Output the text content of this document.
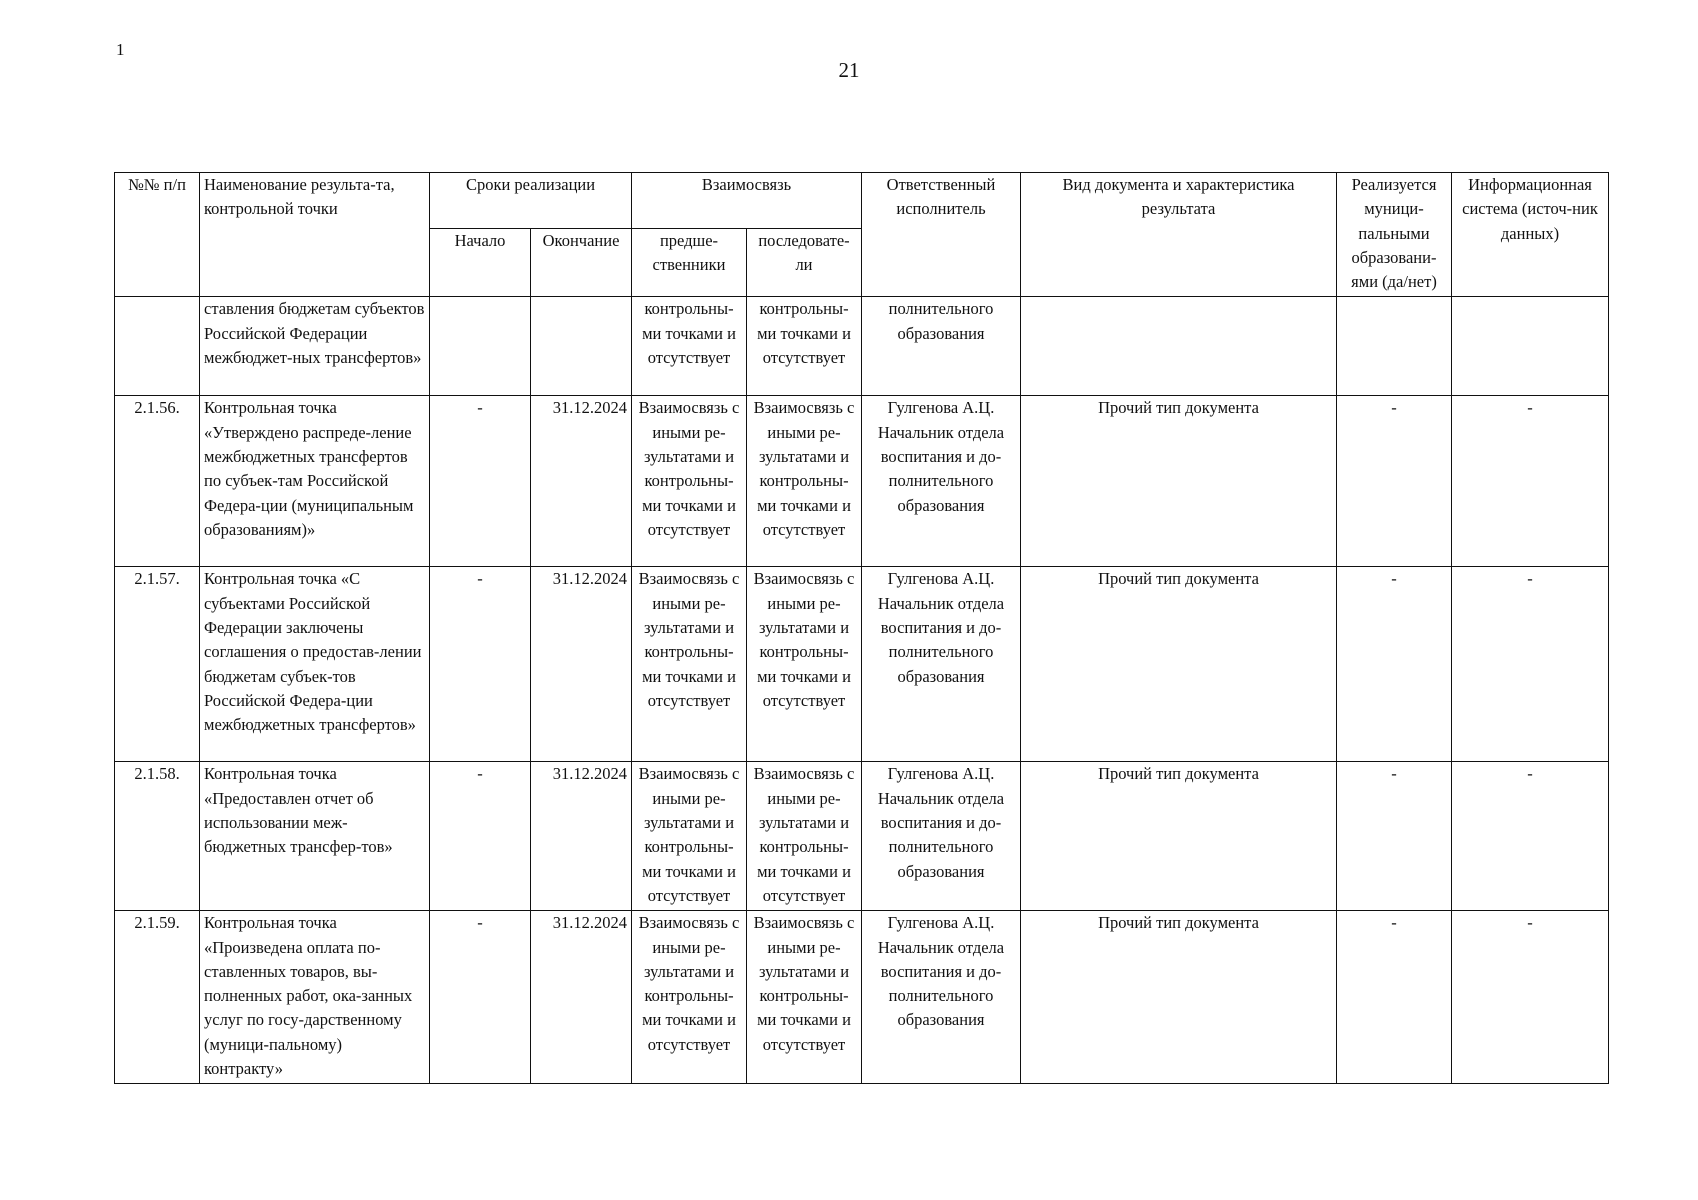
1
21
№№ п/п	Наименование результа-та, контрольной точки	Сроки реализации		Взаимосвязь		Ответственный исполнитель	Вид документа и характеристика результата	Реализуется муници-пальными образовани-ями (да/нет)	Информационная система (источ-ник данных)
		Начало	Окончание	предше-ственники	последовате-ли				
	ставления бюджетам субъектов Российской Федерации межбюджет-ных трансфертов»			контрольны-ми точками и отсутствует	контрольны-ми точками и отсутствует	полнительного образования			
2.1.56.	Контрольная точка «Утверждено распреде-ление межбюджетных трансфертов по субъек-там Российской Федера-ции (муниципальным образованиям)»	-	31.12.2024	Взаимосвязь с иными ре-зультатами и контрольны-ми точками и отсутствует	Взаимосвязь с иными ре-зультатами и контрольны-ми точками и отсутствует	Гулгенова А.Ц. Начальник отдела воспитания и до-полнительного образования	Прочий тип документа	-	-
2.1.57.	Контрольная точка «С субъектами Российской Федерации заключены соглашения о предостав-лении бюджетам субъек-тов Российской Федера-ции межбюджетных трансфертов»	-	31.12.2024	Взаимосвязь с иными ре-зультатами и контрольны-ми точками и отсутствует	Взаимосвязь с иными ре-зультатами и контрольны-ми точками и отсутствует	Гулгенова А.Ц. Начальник отдела воспитания и до-полнительного образования	Прочий тип документа	-	-
2.1.58.	Контрольная точка «Предоставлен отчет об использовании меж-бюджетных трансфер-тов»	-	31.12.2024	Взаимосвязь с иными ре-зультатами и контрольны-ми точками и отсутствует	Взаимосвязь с иными ре-зультатами и контрольны-ми точками и отсутствует	Гулгенова А.Ц. Начальник отдела воспитания и до-полнительного образования	Прочий тип документа	-	-
2.1.59.	Контрольная точка «Произведена оплата по-ставленных товаров, вы-полненных работ, ока-занных услуг по госу-дарственному (муници-пальному) контракту»	-	31.12.2024	Взаимосвязь с иными ре-зультатами и контрольны-ми точками и отсутствует	Взаимосвязь с иными ре-зультатами и контрольны-ми точками и отсутствует	Гулгенова А.Ц. Начальник отдела воспитания и до-полнительного образования	Прочий тип документа	-	-
